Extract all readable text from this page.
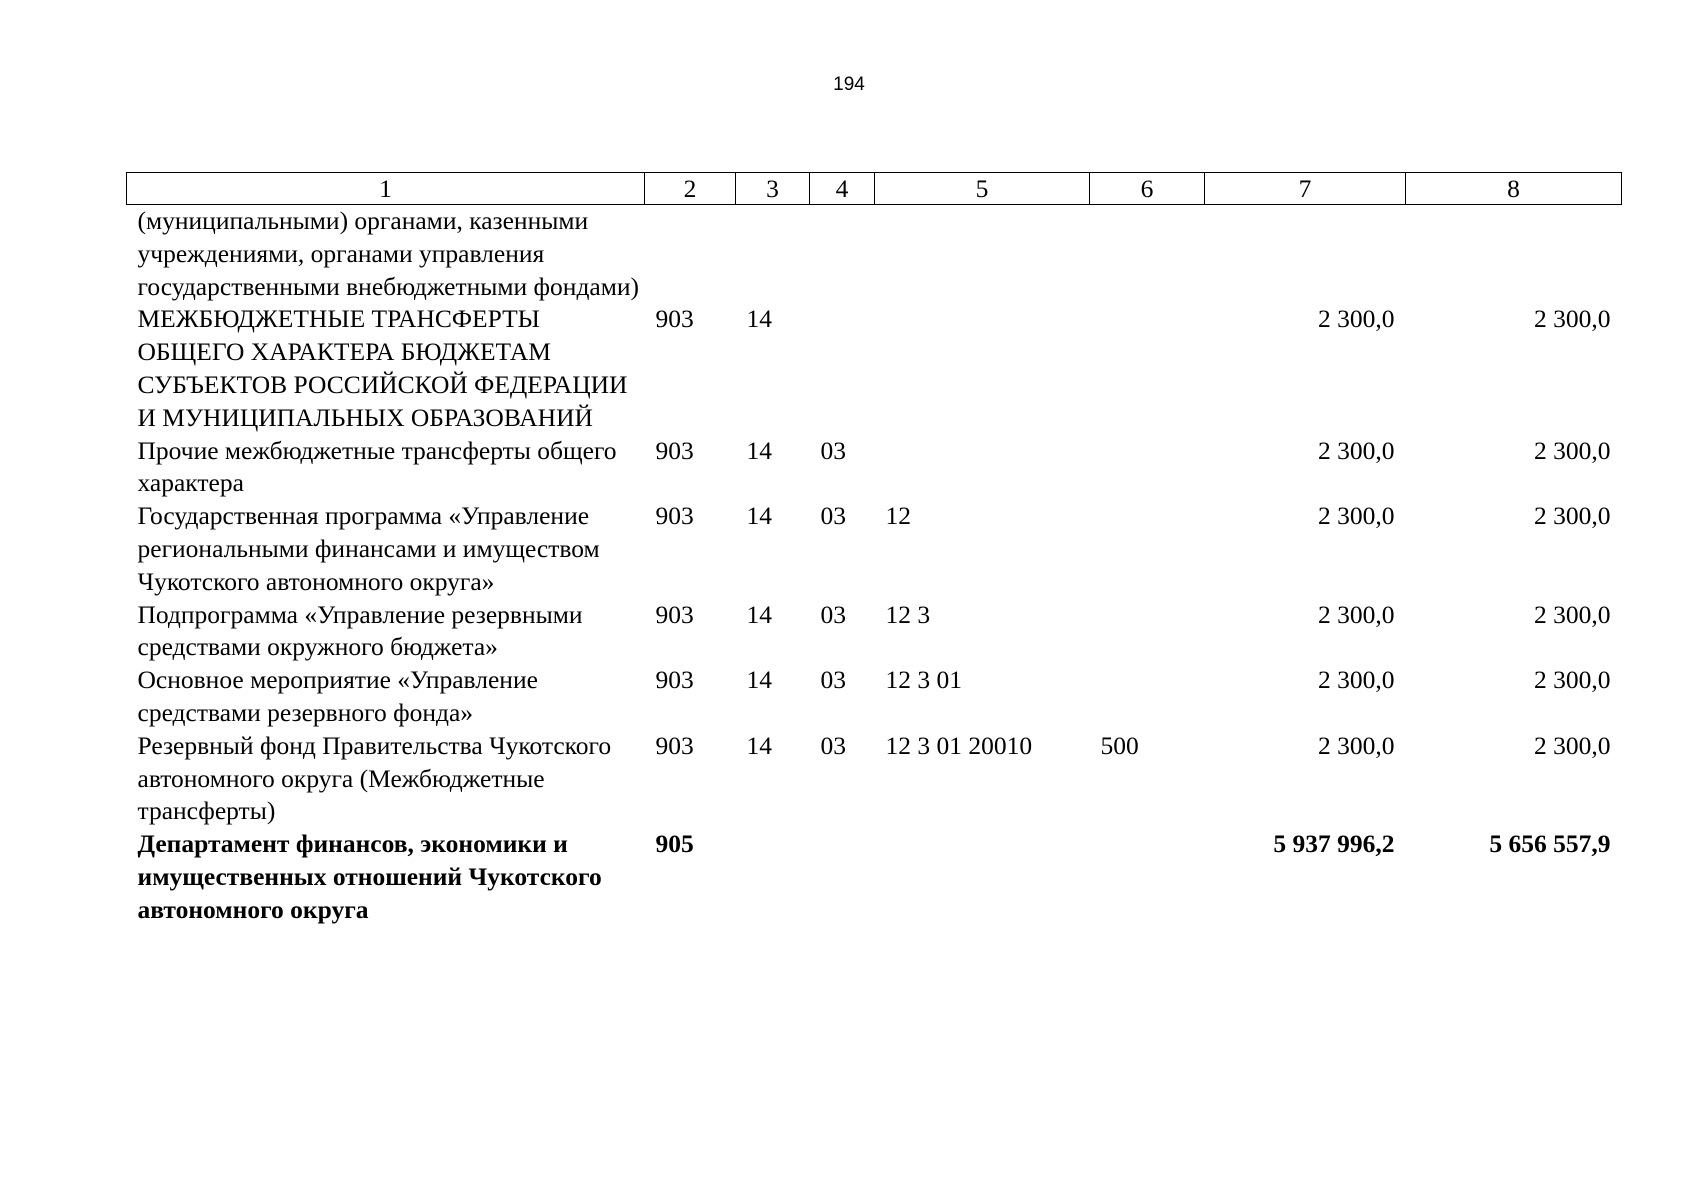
194
1	2	3	4	5	6	7	8
(муниципальными) органами, казенными учреждениями, органами управления государственными внебюджетными фондами)							
МЕЖБЮДЖЕТНЫЕ ТРАНСФЕРТЫ ОБЩЕГО ХАРАКТЕРА БЮДЖЕТАМ СУБЪЕКТОВ РОССИЙСКОЙ ФЕДЕРАЦИИ И МУНИЦИПАЛЬНЫХ ОБРАЗОВАНИЙ	903	14				2 300,0	2 300,0
Прочие межбюджетные трансферты общего характера	903	14	03			2 300,0	2 300,0
Государственная программа «Управление региональными финансами и имуществом Чукотского автономного округа»	903	14	03	12		2 300,0	2 300,0
Подпрограмма «Управление резервными средствами окружного бюджета»	903	14	03	12 3		2 300,0	2 300,0
Основное мероприятие «Управление средствами резервного фонда»	903	14	03	12 3 01		2 300,0	2 300,0
Резервный фонд Правительства Чукотского автономного округа (Межбюджетные трансферты)	903	14	03	12 3 01 20010	500	2 300,0	2 300,0
Департамент финансов, экономики и имущественных отношений Чукотского автономного округа	905					5 937 996,2	5 656 557,9
